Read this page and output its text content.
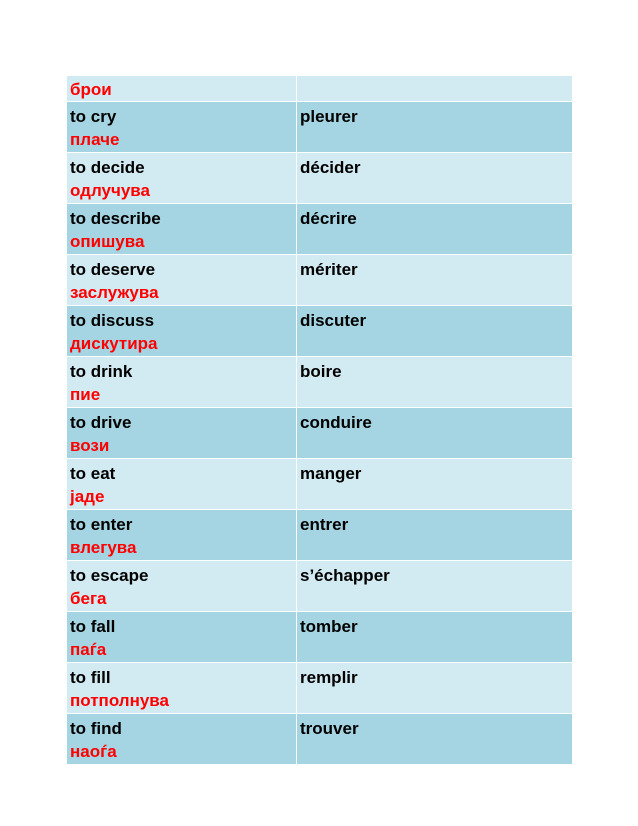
брои	

to cry
плаче	pleurer

to decide
одлучува	décider

to describe
опишува	décrire

to deserve
заслужува	mériter

to discuss
дискутира	discuter

to drink
пие	boire

to drive
вози	conduire

to eat
јаде	manger

to enter
влегува	entrer

to escape
бега	s’échapper

to fall
паѓа	tomber

to fill
потполнува	remplir

to find
наоѓа	trouver
